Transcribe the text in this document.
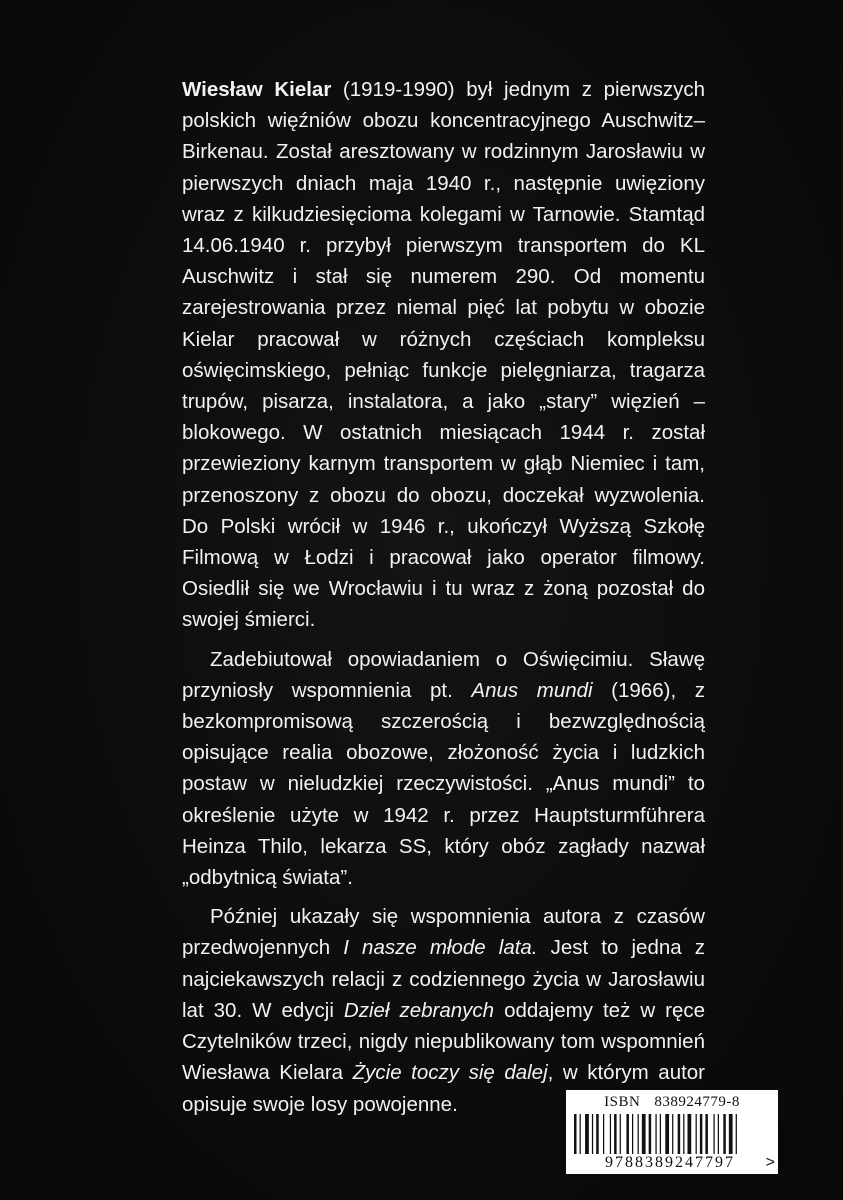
Wiesław Kielar (1919-1990) był jednym z pierwszych polskich więźniów obozu koncentracyjnego Auschwitz–Birkenau. Został aresztowany w rodzinnym Jarosławiu w pierwszych dniach maja 1940 r., następnie uwięziony wraz z kilkudziesięcioma kolegami w Tarnowie. Stamtąd 14.06.1940 r. przybył pierwszym transportem do KL Auschwitz i stał się numerem 290. Od momentu zarejestrowania przez niemal pięć lat pobytu w obozie Kielar pracował w różnych częściach kompleksu oświęcimskiego, pełniąc funkcje pielęgniarza, tragarza trupów, pisarza, instalatora, a jako „stary” więzień – blokowego. W ostatnich miesiącach 1944 r. został przewieziony karnym transportem w głąb Niemiec i tam, przenoszony z obozu do obozu, doczekał wyzwolenia. Do Polski wrócił w 1946 r., ukończył Wyższą Szkołę Filmową w Łodzi i pracował jako operator filmowy. Osiedlił się we Wrocławiu i tu wraz z żoną pozostał do swojej śmierci.

Zadebiutował opowiadaniem o Oświęcimiu. Sławę przyniosły wspomnienia pt. Anus mundi (1966), z bezkompromisową szczerością i bezwzględnością opisujące realia obozowe, złożoność życia i ludzkich postaw w nieludzkiej rzeczywistości. „Anus mundi” to określenie użyte w 1942 r. przez Hauptsturmführera Heinza Thilo, lekarza SS, który obóz zagłady nazwał „odbytnicą świata”.

Później ukazały się wspomnienia autora z czasów przedwojennych I nasze młode lata. Jest to jedna z najciekawszych relacji z codziennego życia w Jarosławiu lat 30. W edycji Dzieł zebranych oddajemy też w ręce Czytelników trzeci, nigdy niepublikowany tom wspomnień Wiesława Kielara Życie toczy się dalej, w którym autor opisuje swoje losy powojenne.	ISBN 838924779-8
9788389247797	>
